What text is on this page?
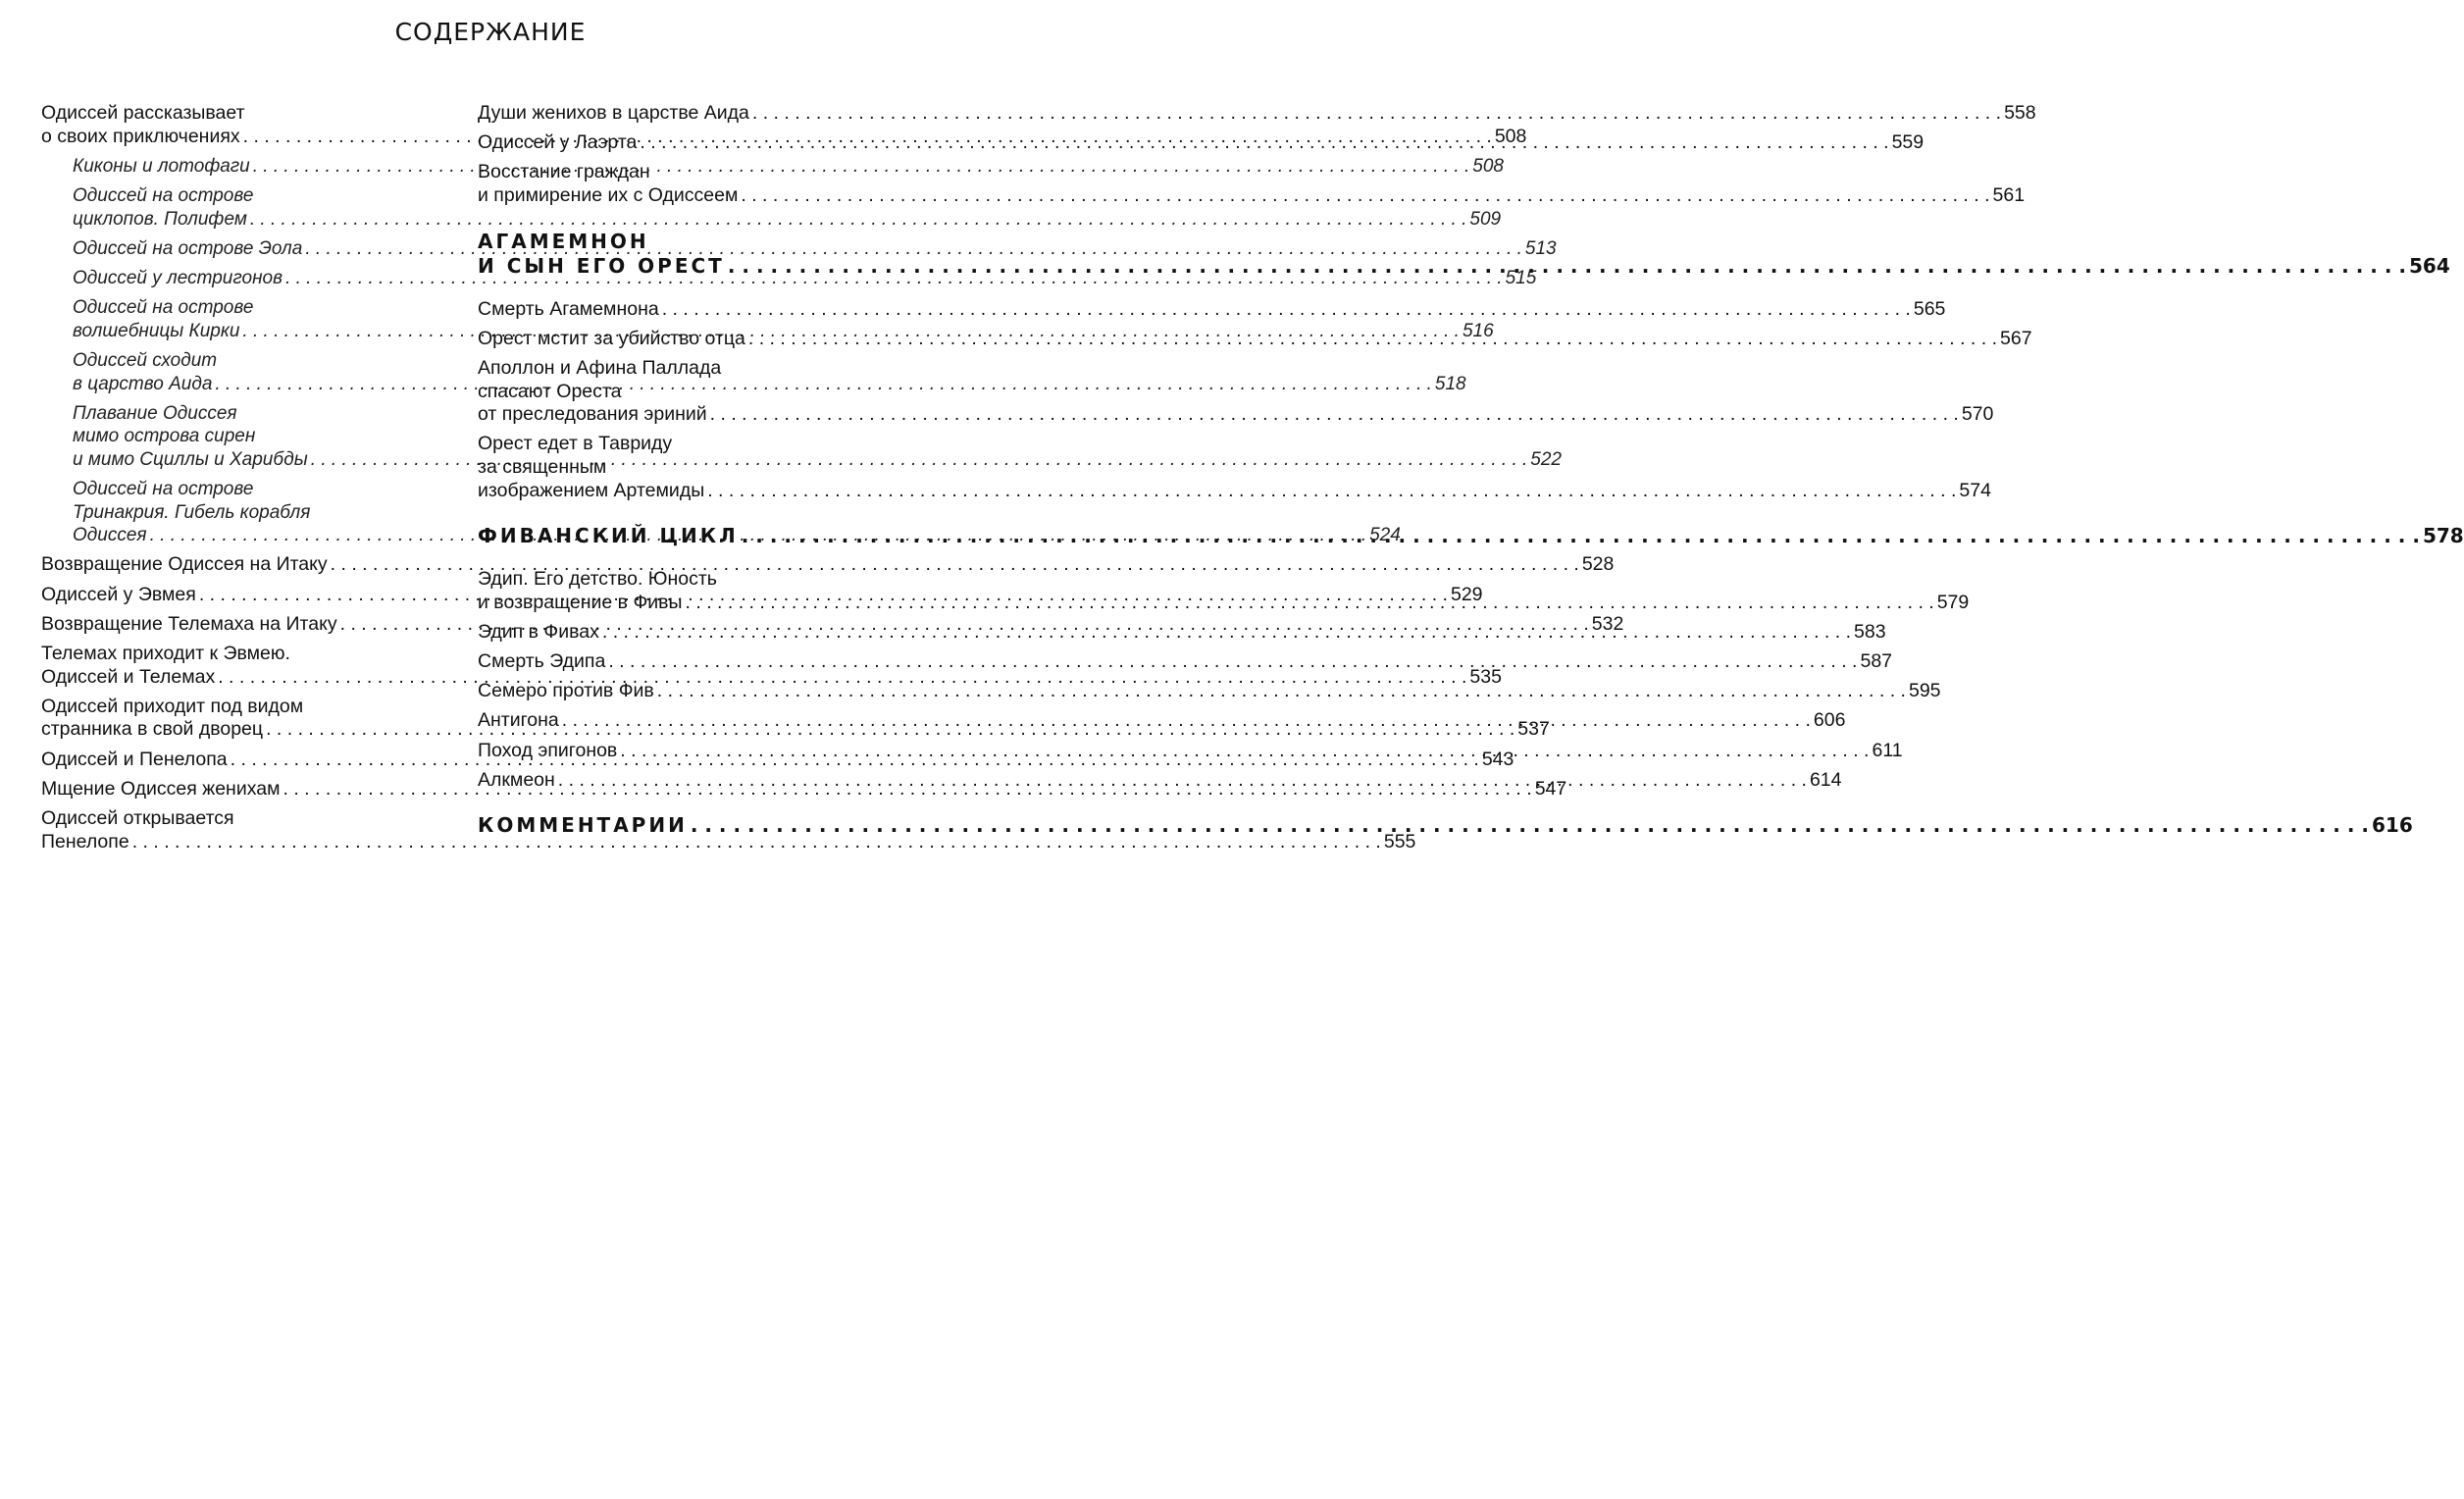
СОДЕРЖАНИЕ
Одиссей рассказывает
о своих приключениях . . .	508
Киконы и лотофаги . . .	508
Одиссей на острове
циклопов. Полифем . . .	509
Одиссей на острове Эола . . .	513
Одиссей у лестригонов . . .	515
Одиссей на острове
волшебницы Кирки . . .	516
Одиссей сходит
в царство Аида . . .	518
Плавание Одиссея
мимо острова сирен
и мимо Сциллы и Харибды . . .	522
Одиссей на острове
Тринакрия. Гибель корабля
Одиссея . . .	524
Возвращение Одиссея на Итаку . . .	528
Одиссей у Эвмея . . .	529
Возвращение Телемаха на Итаку . . .	532
Телемах приходит к Эвмею.
Одиссей и Телемах . . .	535
Одиссей приходит под видом
странника в свой дворец . . .	537
Одиссей и Пенелопа . . .	543
Мщение Одиссея женихам . . .	547
Одиссей открывается
Пенелопе . . .	555
Души женихов в царстве Аида . . .	558
Одиссей у Лаэрта . . .	559
Восстание граждан
и примирение их с Одиссеем . . .	561
АГАМЕМНОН
И СЫН ЕГО ОРЕСТ . . .	564
Смерть Агамемнона . . .	565
Орест мстит за убийство отца . . .	567
Аполлон и Афина Паллада
спасают Ореста
от преследования эриний . . .	570
Орест едет в Тавриду
за священным
изображением Артемиды . . .	574
ФИВАНСКИЙ ЦИКЛ . . .	578
Эдип. Его детство. Юность
и возвращение в Фивы . . .	579
Эдип в Фивах . . .	583
Смерть Эдипа . . .	587
Семеро против Фив . . .	595
Антигона . . .	606
Поход эпигонов . . .	611
Алкмеон . . .	614
КОММЕНТАРИИ . . .	616
